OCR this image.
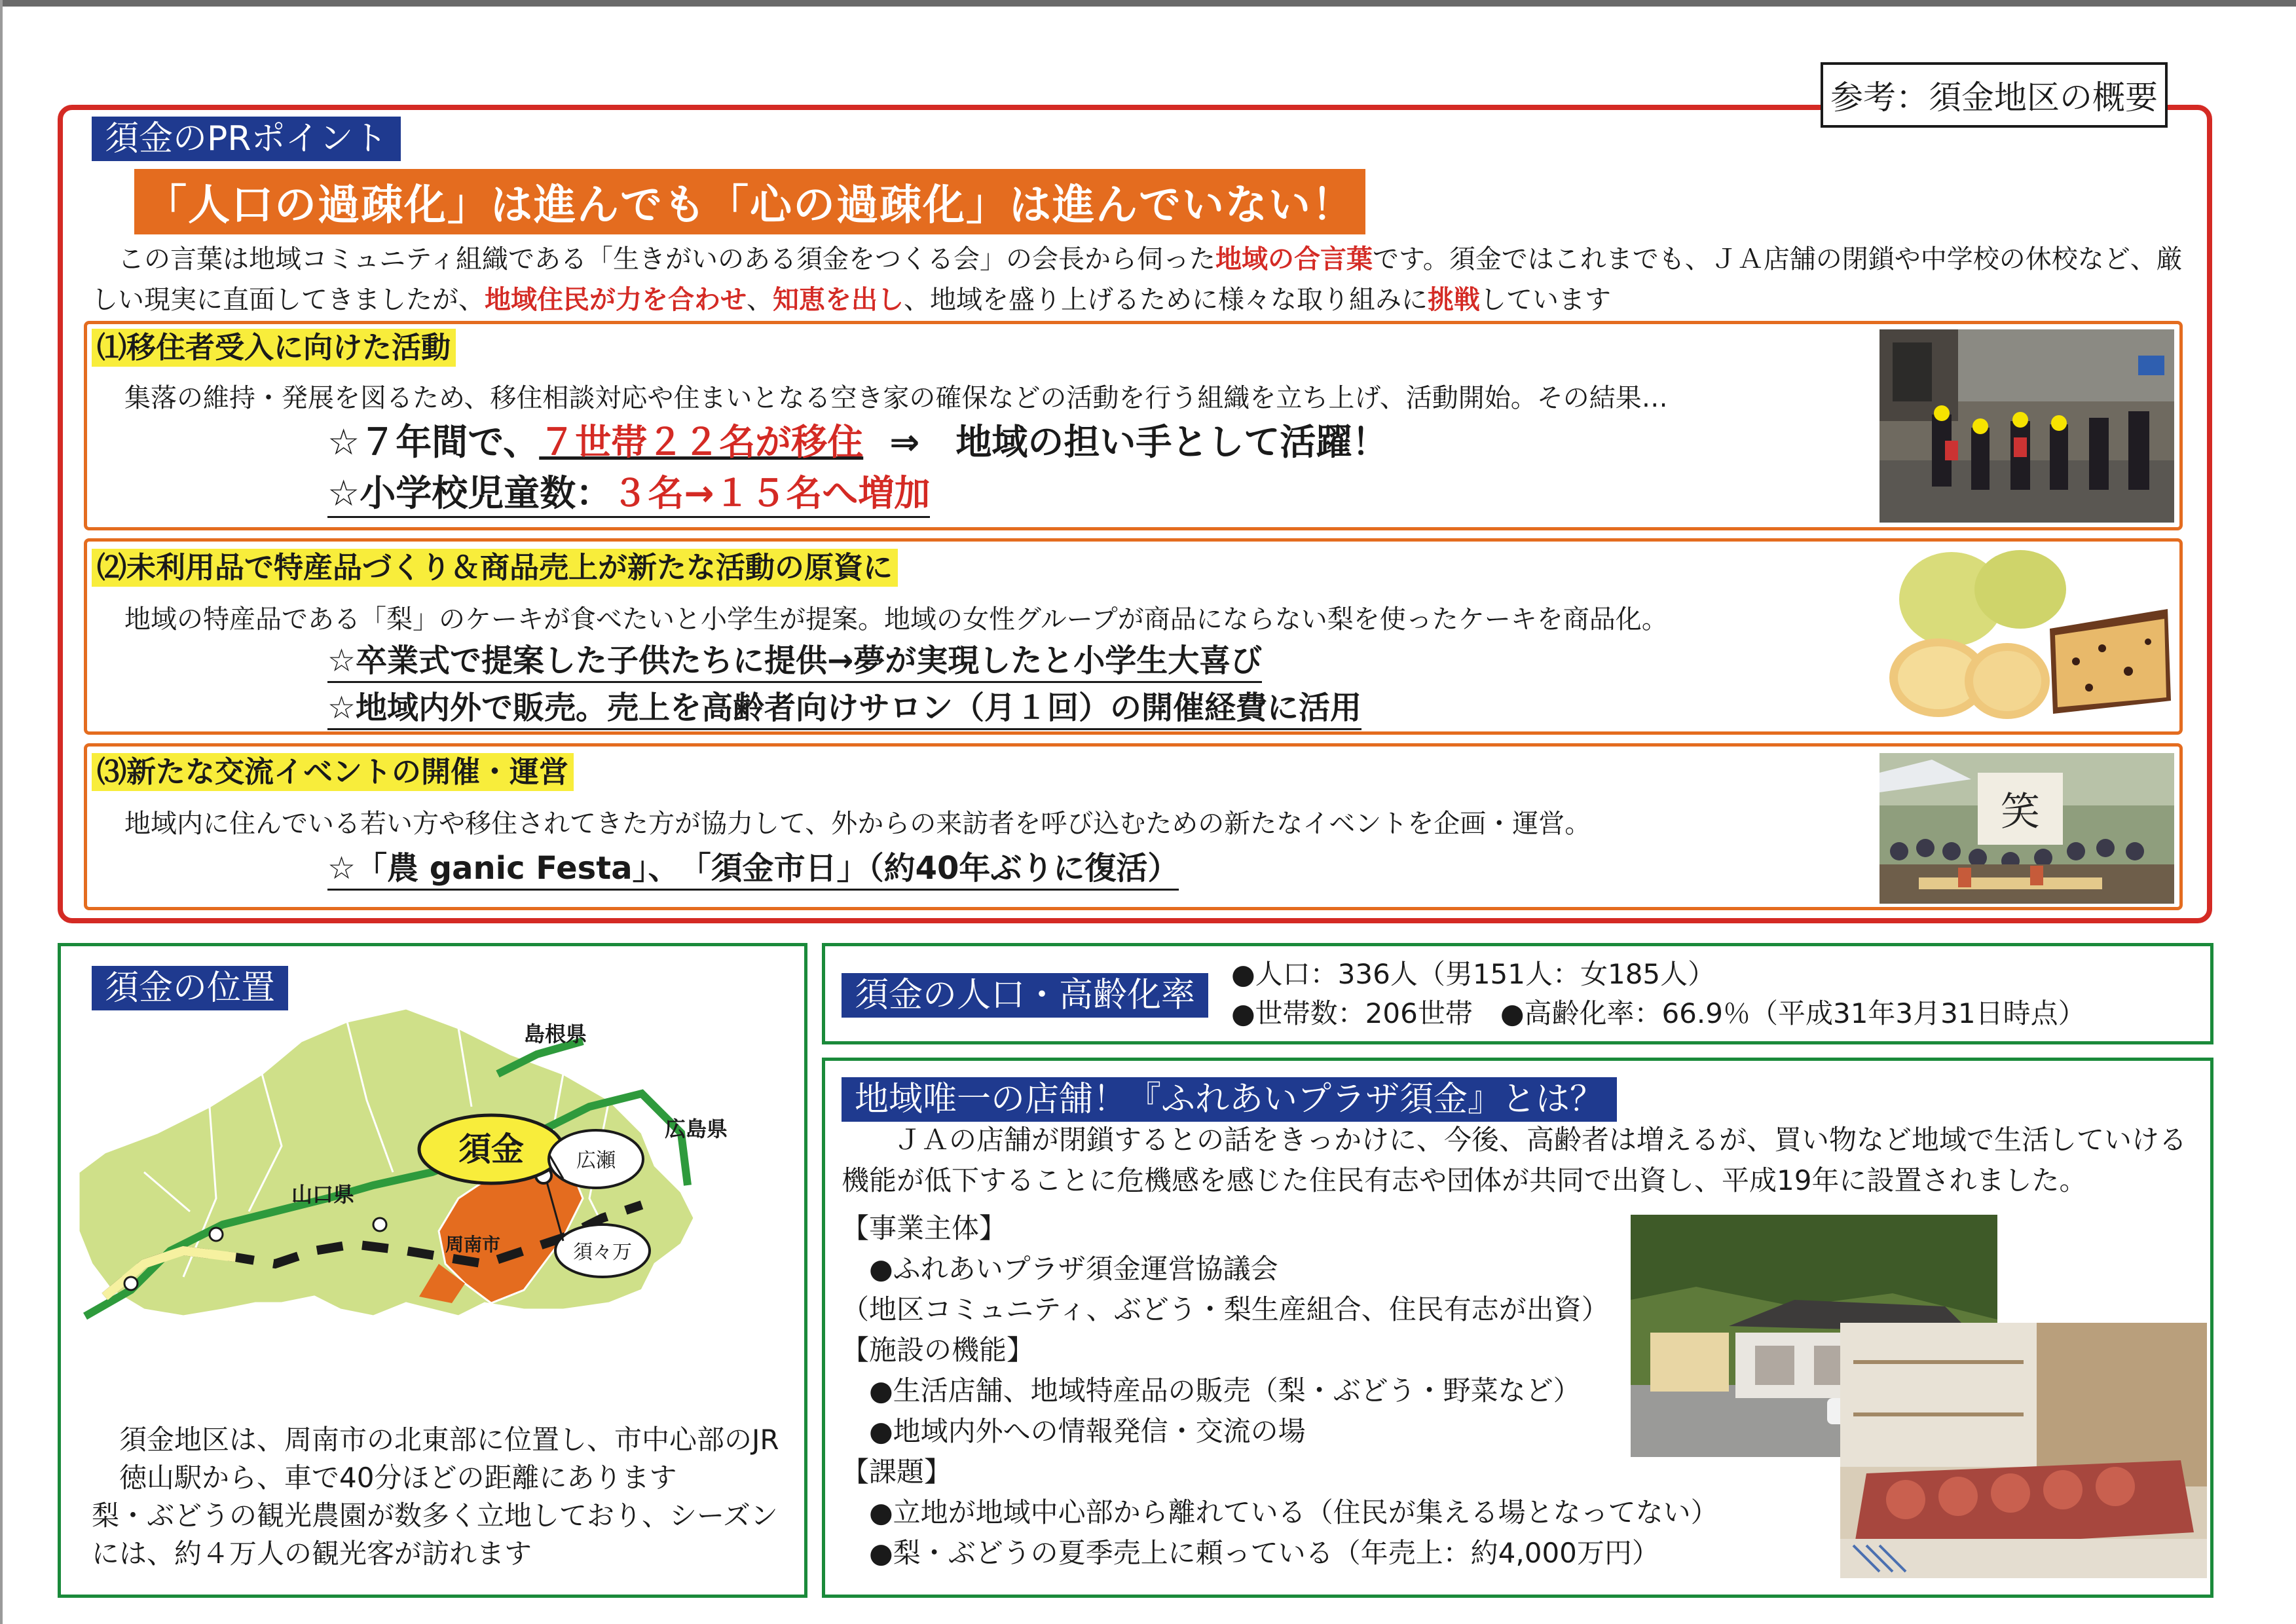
参考：須金地区の概要
須金のPRポイント
「人口の過疎化」は進んでも「心の過疎化」は進んでいない！
この言葉は地域コミュニティ組織である「生きがいのある須金をつくる会」の会長から伺った地域の合言葉です。須金ではこれまでも、ＪＡ店舗の閉鎖や中学校の休校など、厳しい現実に直面してきましたが、地域住民が力を合わせ、知恵を出し、地域を盛り上げるために様々な取り組みに挑戦しています
⑴移住者受入に向けた活動
集落の維持・発展を図るため、移住相談対応や住まいとなる空き家の確保などの活動を行う組織を立ち上げ、活動開始。その結果…
☆７年間で、７世帯２２名が移住 ⇒　地域の担い手として活躍！
☆小学校児童数：３名→１５名へ増加
⑵未利用品で特産品づくり＆商品売上が新たな活動の原資に
地域の特産品である「梨」のケーキが食べたいと小学生が提案。地域の女性グループが商品にならない梨を使ったケーキを商品化。
☆卒業式で提案した子供たちに提供→夢が実現したと小学生大喜び
☆地域内外で販売。売上を高齢者向けサロン（月１回）の開催経費に活用
⑶新たな交流イベントの開催・運営
地域内に住んでいる若い方や移住されてきた方が協力して、外からの来訪者を呼び込むための新たなイベントを企画・運営。
☆「農 ganic Festa」、　「須金市日」（約40年ぶりに復活）
笑
須金の位置
島根県
広島県
山口県
周南市
須金	広瀬
須々万
須金地区は、周南市の北東部に位置し、市中心部のJR徳山駅から、車で40分ほどの距離にあります
梨・ぶどうの観光農園が数多く立地しており、シーズンには、約４万人の観光客が訪れます
須金の人口・高齢化率
●人口：336人（男151人：女185人）
●世帯数：206世帯　●高齢化率：66.9％（平成31年3月31日時点）
地域唯一の店舗！『ふれあいプラザ須金』とは？
ＪＡの店舗が閉鎖するとの話をきっかけに、今後、高齢者は増えるが、買い物など地域で生活していける機能が低下することに危機感を感じた住民有志や団体が共同で出資し、平成19年に設置されました。
【事業主体】
　●ふれあいプラザ須金運営協議会
（地区コミュニティ、ぶどう・梨生産組合、住民有志が出資）
【施設の機能】
　●生活店舗、地域特産品の販売（梨・ぶどう・野菜など）
　●地域内外への情報発信・交流の場
【課題】
　●立地が地域中心部から離れている（住民が集える場となってない）
　●梨・ぶどうの夏季売上に頼っている（年売上：約4,000万円）
